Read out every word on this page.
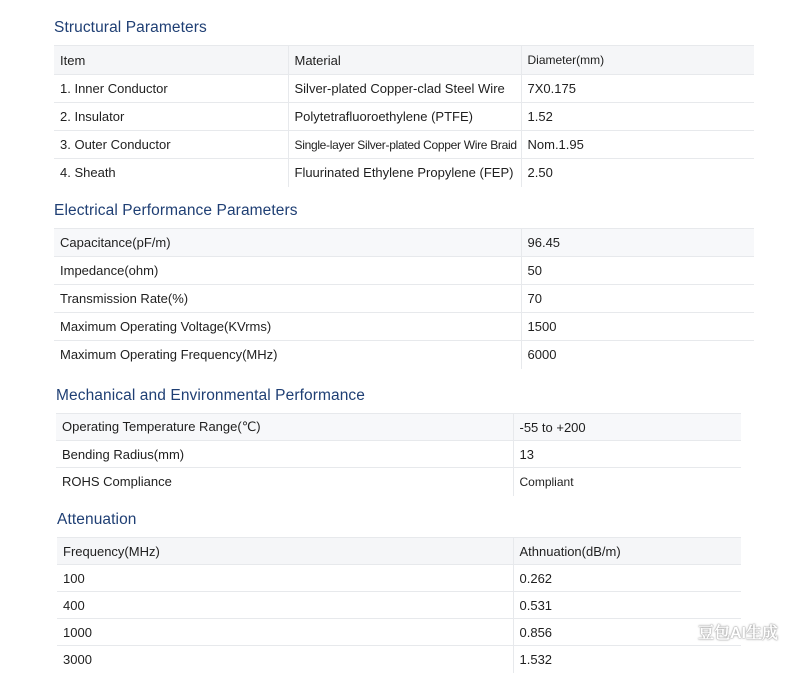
Structural Parameters
Item	Material	Diameter(mm)
1. Inner Conductor	Silver-plated Copper-clad Steel Wire	7X0.175
2. Insulator	Polytetrafluoroethylene (PTFE)	1.52
3. Outer Conductor	Single-layer Silver-plated Copper Wire Braid	Nom.1.95
4. Sheath	Fluurinated Ethylene Propylene (FEP)	2.50
Electrical Performance Parameters
Capacitance(pF/m)	96.45
Impedance(ohm)	50
Transmission Rate(%)	70
Maximum Operating Voltage(KVrms)	1500
Maximum Operating Frequency(MHz)	6000
Mechanical and Environmental Performance
Operating Temperature Range(℃)	-55 to +200
Bending Radius(mm)	13
ROHS Compliance	Compliant
Attenuation
Frequency(MHz)	Athnuation(dB/m)
100	0.262
400	0.531
1000	0.856
3000	1.532
豆包AI生成
